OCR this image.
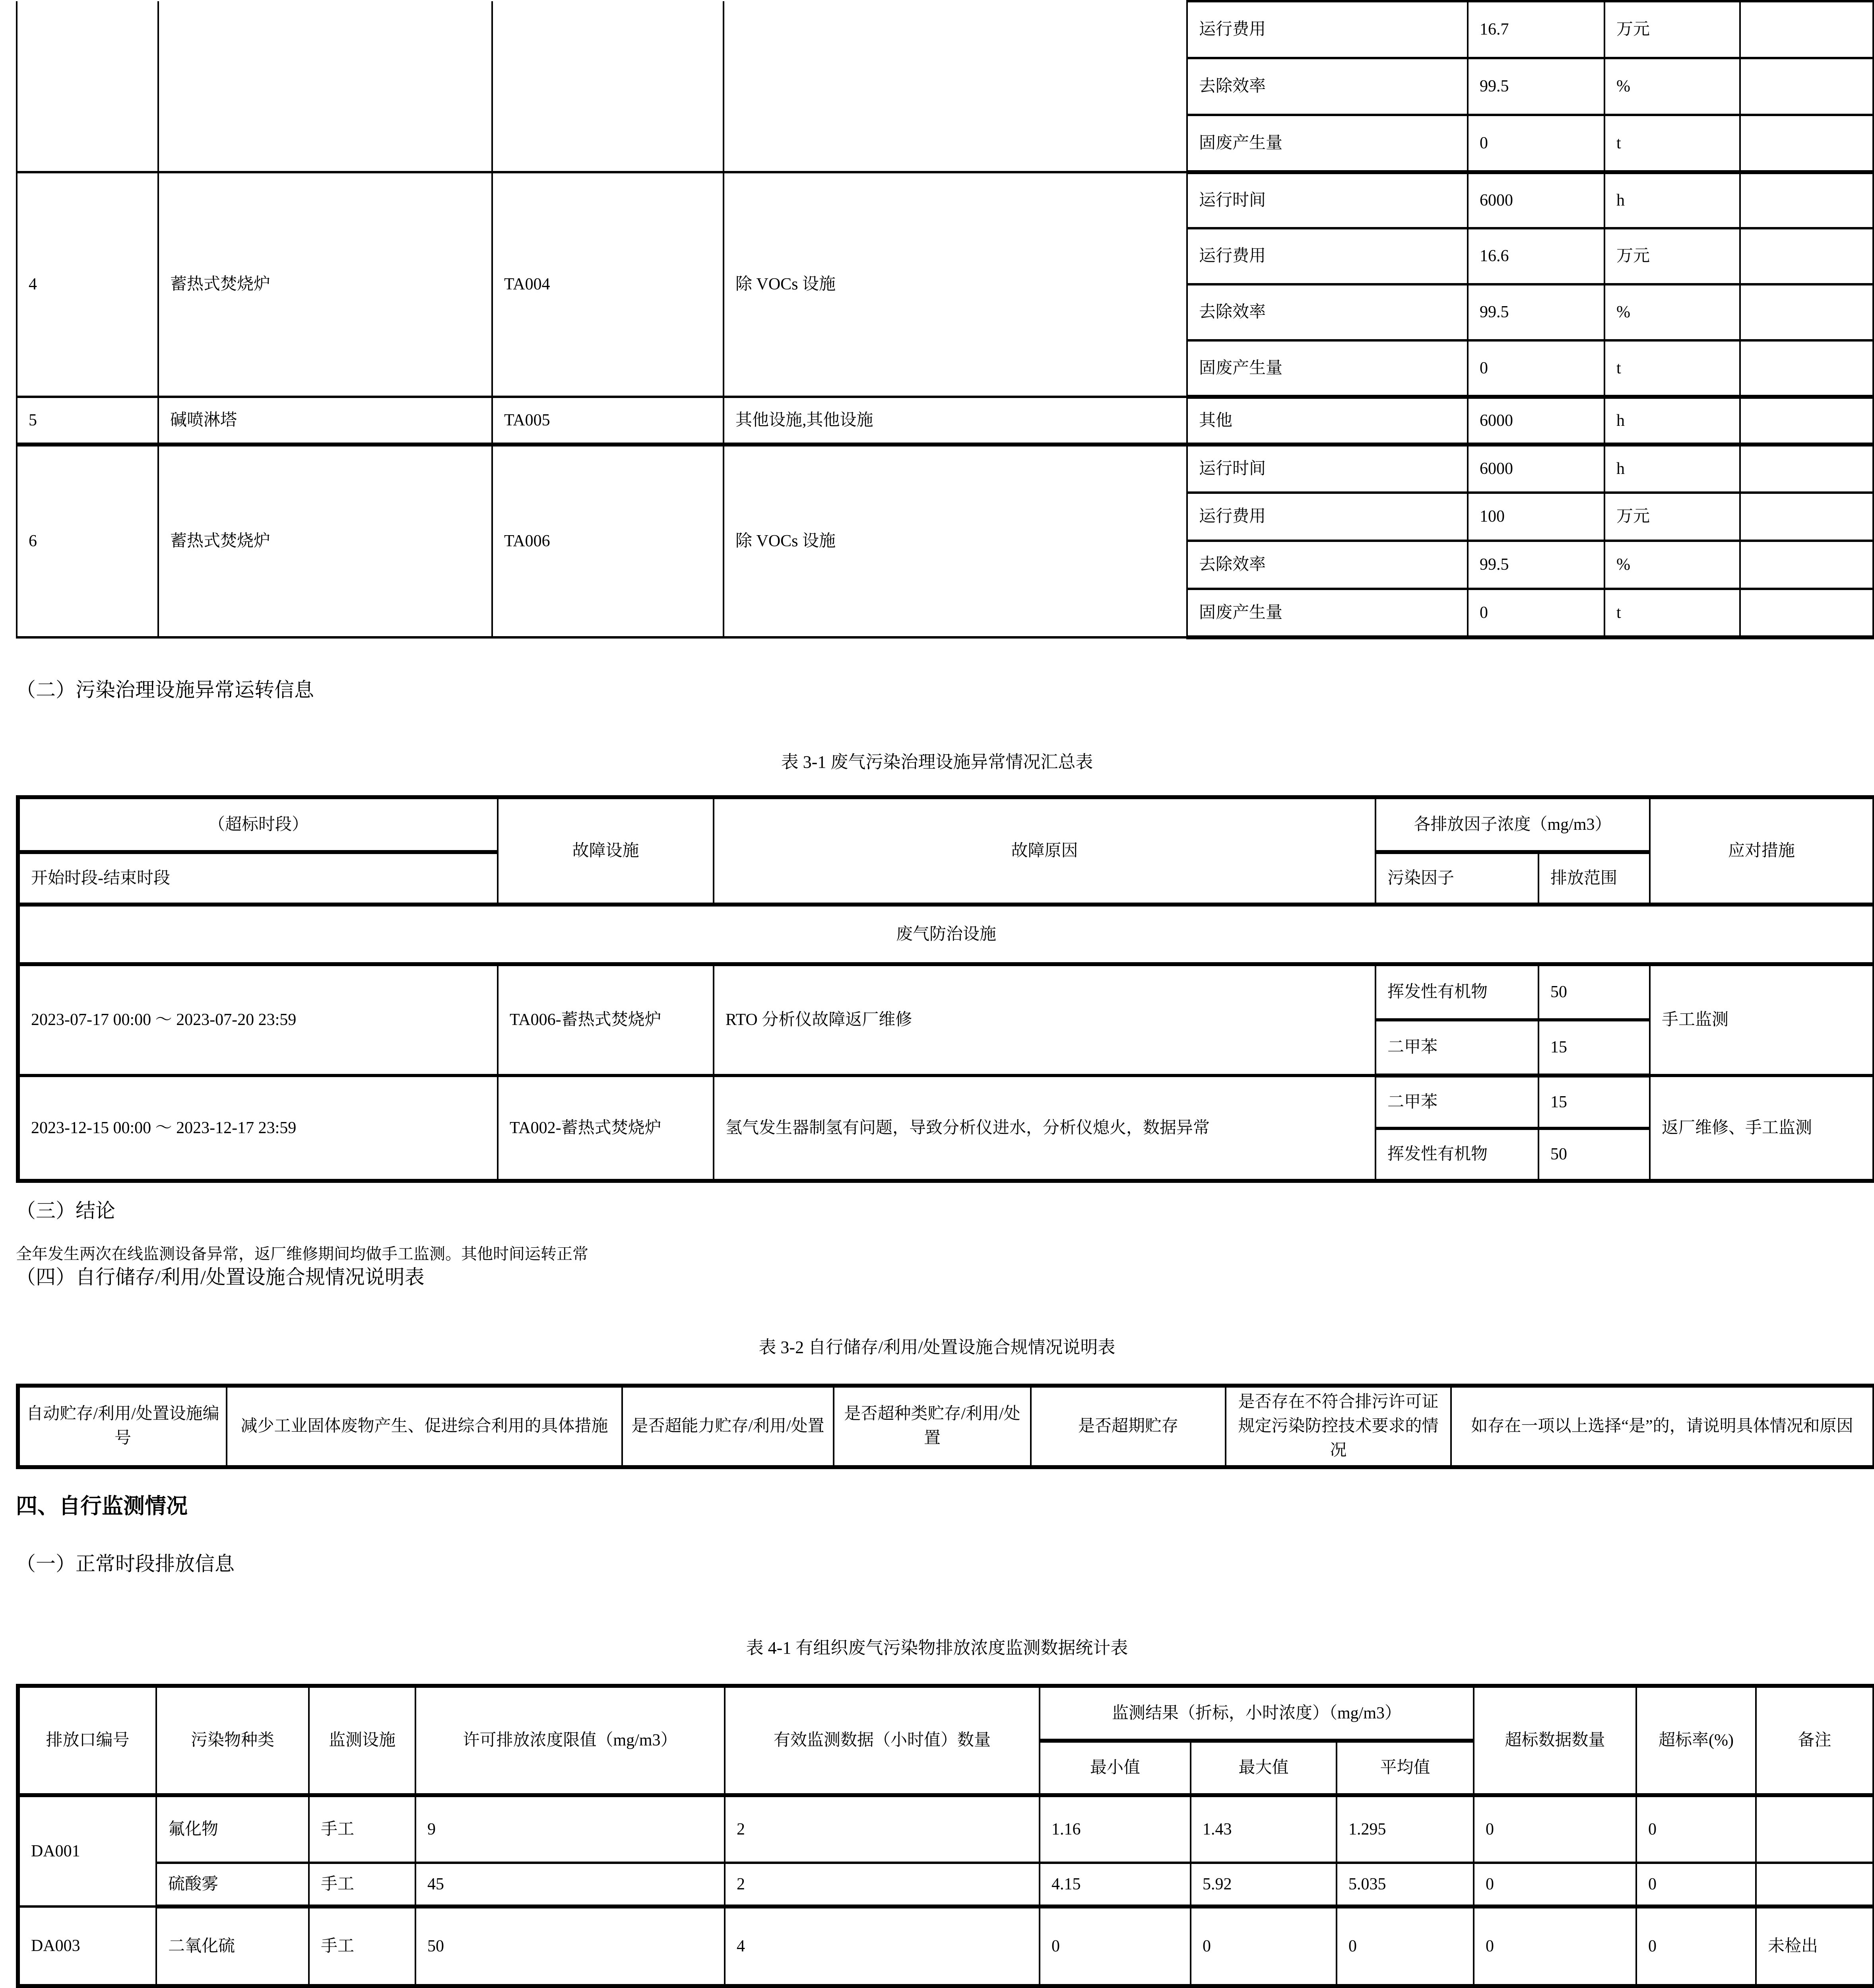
				运行费用	16.7	万元	
				去除效率	99.5	%	
				固废产生量	0	t	
4	蓄热式焚烧炉	TA004	除 VOCs 设施	运行时间	6000	h	
				运行费用	16.6	万元	
				去除效率	99.5	%	
				固废产生量	0	t	
5	碱喷淋塔	TA005	其他设施,其他设施	其他	6000	h	
6	蓄热式焚烧炉	TA006	除 VOCs 设施	运行时间	6000	h	
				运行费用	100	万元	
				去除效率	99.5	%	
				固废产生量	0	t	
（二）污染治理设施异常运转信息
表 3-1 废气污染治理设施异常情况汇总表
（超标时段）	故障设施	故障原因	各排放因子浓度（mg/m3）		应对措施
开始时段-结束时段			污染因子	排放范围	
废气防治设施					
2023-07-17 00:00 ～ 2023-07-20 23:59	TA006-蓄热式焚烧炉	RTO 分析仪故障返厂维修	挥发性有机物	50	手工监测
			二甲苯	15	
2023-12-15 00:00 ～ 2023-12-17 23:59	TA002-蓄热式焚烧炉	氢气发生器制氢有问题，导致分析仪进水，分析仪熄火，数据异常	二甲苯	15	返厂维修、手工监测
			挥发性有机物	50	
（三）结论
全年发生两次在线监测设备异常，返厂维修期间均做手工监测。其他时间运转正常
（四）自行储存/利用/处置设施合规情况说明表
表 3-2 自行储存/利用/处置设施合规情况说明表
自动贮存/利用/处置设施编号	减少工业固体废物产生、促进综合利用的具体措施	是否超能力贮存/利用/处置	是否超种类贮存/利用/处置	是否超期贮存	是否存在不符合排污许可证规定污染防控技术要求的情况	如存在一项以上选择“是”的，请说明具体情况和原因
四、自行监测情况
（一）正常时段排放信息
表 4-1 有组织废气污染物排放浓度监测数据统计表
排放口编号	污染物种类	监测设施	许可排放浓度限值（mg/m3）	有效监测数据（小时值）数量	监测结果（折标，小时浓度）（mg/m3）			超标数据数量	超标率(%)	备注
					最小值	最大值	平均值			
DA001	氟化物	手工	9	2	1.16	1.43	1.295	0	0	
	硫酸雾	手工	45	2	4.15	5.92	5.035	0	0	
DA003	二氧化硫	手工	50	4	0	0	0	0	0	未检出
